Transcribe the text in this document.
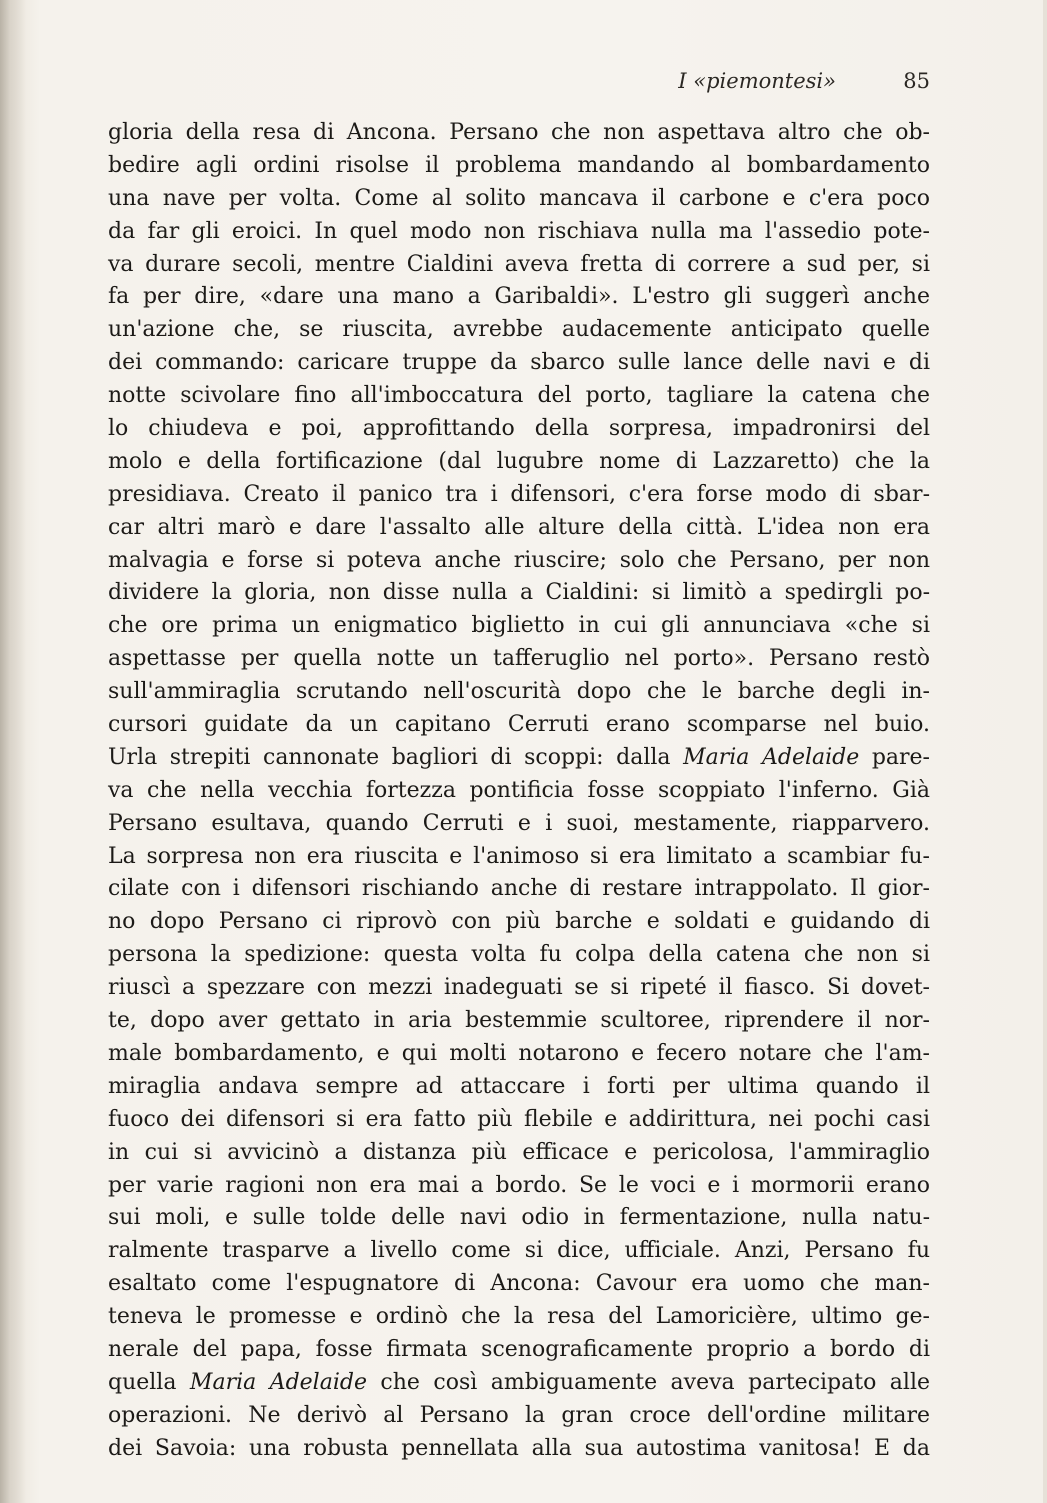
I «piemontesi»	85
gloria della resa di Ancona. Persano che non aspettava altro che ob-
bedire agli ordini risolse il problema mandando al bombardamento
una nave per volta. Come al solito mancava il carbone e c'era poco
da far gli eroici. In quel modo non rischiava nulla ma l'assedio pote-
va durare secoli, mentre Cialdini aveva fretta di correre a sud per, si
fa per dire, «dare una mano a Garibaldi». L'estro gli suggerì anche
un'azione che, se riuscita, avrebbe audacemente anticipato quelle
dei commando: caricare truppe da sbarco sulle lance delle navi e di
notte scivolare fino all'imboccatura del porto, tagliare la catena che
lo chiudeva e poi, approfittando della sorpresa, impadronirsi del
molo e della fortificazione (dal lugubre nome di Lazzaretto) che la
presidiava. Creato il panico tra i difensori, c'era forse modo di sbar-
car altri marò e dare l'assalto alle alture della città. L'idea non era
malvagia e forse si poteva anche riuscire; solo che Persano, per non
dividere la gloria, non disse nulla a Cialdini: si limitò a spedirgli po-
che ore prima un enigmatico biglietto in cui gli annunciava «che si
aspettasse per quella notte un tafferuglio nel porto». Persano restò
sull'ammiraglia scrutando nell'oscurità dopo che le barche degli in-
cursori guidate da un capitano Cerruti erano scomparse nel buio.
Urla strepiti cannonate bagliori di scoppi: dalla Maria Adelaide pare-
va che nella vecchia fortezza pontificia fosse scoppiato l'inferno. Già
Persano esultava, quando Cerruti e i suoi, mestamente, riapparvero.
La sorpresa non era riuscita e l'animoso si era limitato a scambiar fu-
cilate con i difensori rischiando anche di restare intrappolato. Il gior-
no dopo Persano ci riprovò con più barche e soldati e guidando di
persona la spedizione: questa volta fu colpa della catena che non si
riuscì a spezzare con mezzi inadeguati se si ripeté il fiasco. Si dovet-
te, dopo aver gettato in aria bestemmie scultoree, riprendere il nor-
male bombardamento, e qui molti notarono e fecero notare che l'am-
miraglia andava sempre ad attaccare i forti per ultima quando il
fuoco dei difensori si era fatto più flebile e addirittura, nei pochi casi
in cui si avvicinò a distanza più efficace e pericolosa, l'ammiraglio
per varie ragioni non era mai a bordo. Se le voci e i mormorii erano
sui moli, e sulle tolde delle navi odio in fermentazione, nulla natu-
ralmente trasparve a livello come si dice, ufficiale. Anzi, Persano fu
esaltato come l'espugnatore di Ancona: Cavour era uomo che man-
teneva le promesse e ordinò che la resa del Lamoricière, ultimo ge-
nerale del papa, fosse firmata scenograficamente proprio a bordo di
quella Maria Adelaide che così ambiguamente aveva partecipato alle
operazioni. Ne derivò al Persano la gran croce dell'ordine militare
dei Savoia: una robusta pennellata alla sua autostima vanitosa! E da
